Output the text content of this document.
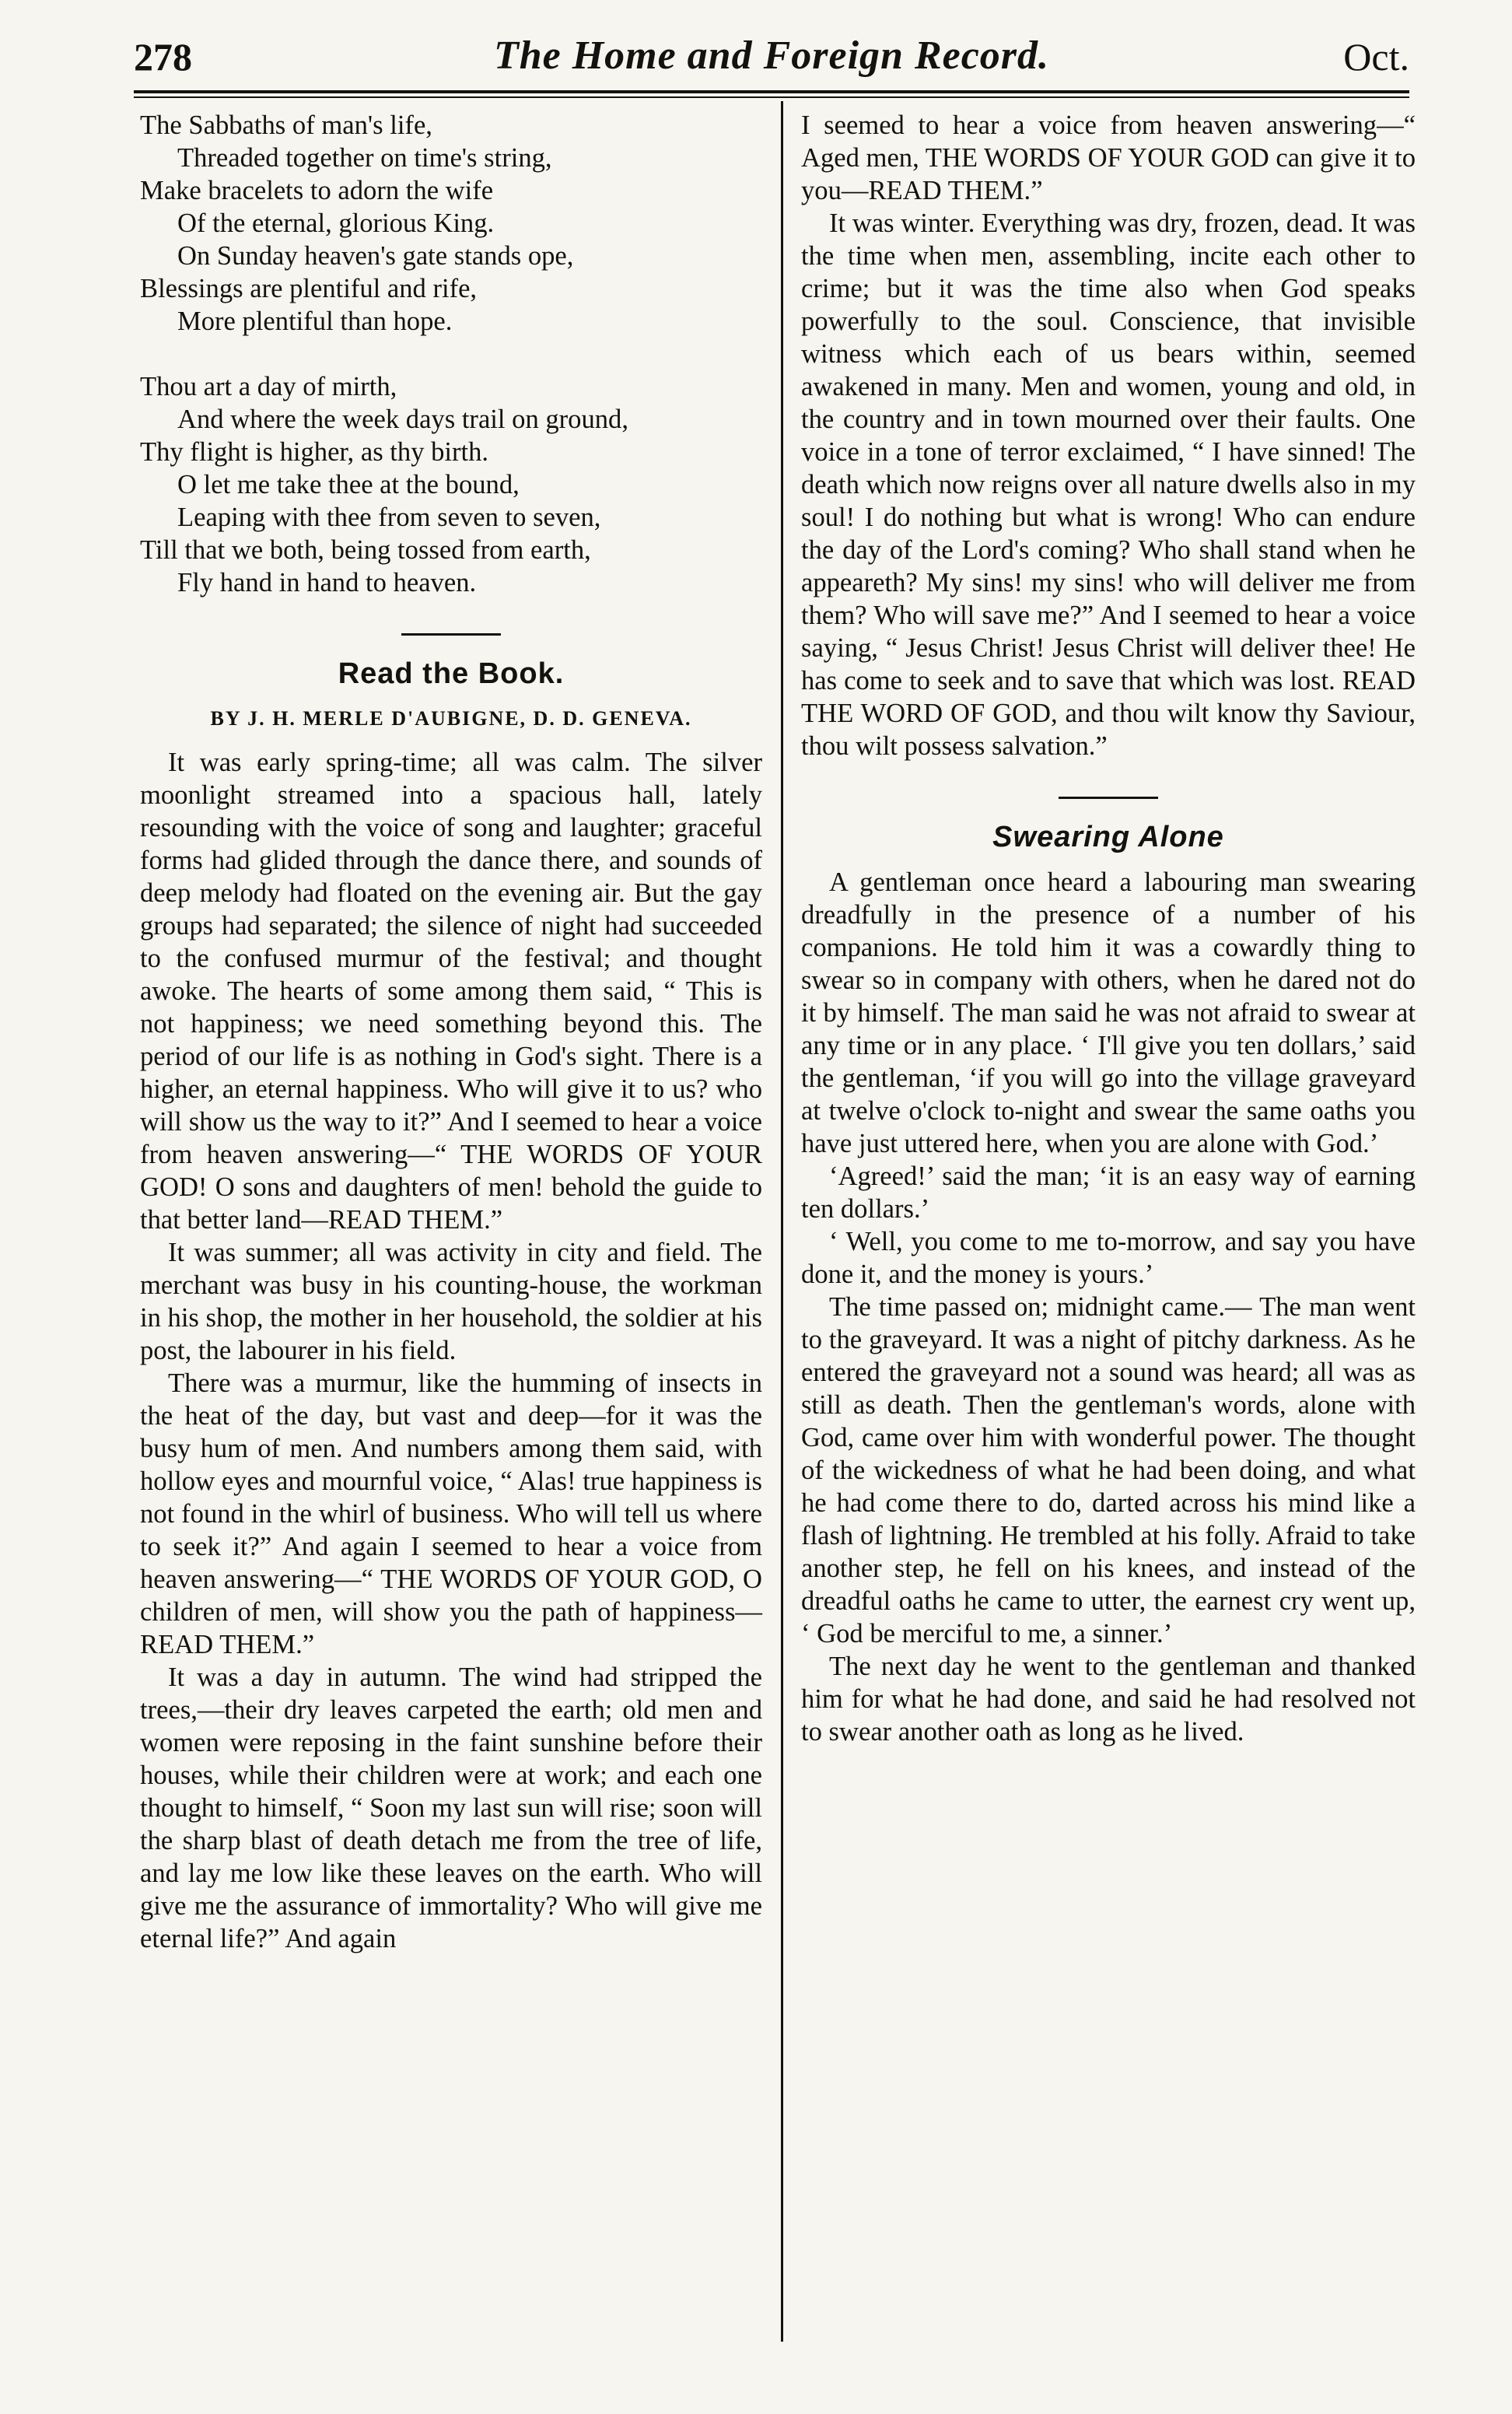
278	The Home and Foreign Record.	Oct.
The Sabbaths of man's life,
Threaded together on time's string,
Make bracelets to adorn the wife
Of the eternal, glorious King.
On Sunday heaven's gate stands ope,
Blessings are plentiful and rife,
More plentiful than hope.
Thou art a day of mirth,
And where the week days trail on ground,
Thy flight is higher, as thy birth.
O let me take thee at the bound,
Leaping with thee from seven to seven,
Till that we both, being tossed from earth,
Fly hand in hand to heaven.
Read the Book.
BY J. H. MERLE D'AUBIGNE, D. D. GENEVA.

It was early spring-time; all was calm. The silver moonlight streamed into a spacious hall, lately resounding with the voice of song and laughter; graceful forms had glided through the dance there, and sounds of deep melody had floated on the evening air. But the gay groups had separated; the silence of night had succeeded to the confused murmur of the festival; and thought awoke. The hearts of some among them said, “ This is not happiness; we need something beyond this. The period of our life is as nothing in God's sight. There is a higher, an eternal happiness. Who will give it to us? who will show us the way to it?” And I seemed to hear a voice from heaven answering—“ THE WORDS OF YOUR GOD! O sons and daughters of men! behold the guide to that better land—READ THEM.”

It was summer; all was activity in city and field. The merchant was busy in his counting-house, the workman in his shop, the mother in her household, the soldier at his post, the labourer in his field.

There was a murmur, like the humming of insects in the heat of the day, but vast and deep—for it was the busy hum of men. And numbers among them said, with hollow eyes and mournful voice, “ Alas! true happiness is not found in the whirl of business. Who will tell us where to seek it?” And again I seemed to hear a voice from heaven answering—“ THE WORDS OF YOUR GOD, O children of men, will show you the path of happiness—READ THEM.”

It was a day in autumn. The wind had stripped the trees,—their dry leaves carpeted the earth; old men and women were reposing in the faint sunshine before their houses, while their children were at work; and each one thought to himself, “ Soon my last sun will rise; soon will the sharp blast of death detach me from the tree of life, and lay me low like these leaves on the earth. Who will give me the assurance of immortality? Who will give me eternal life?” And again

I seemed to hear a voice from heaven answering—“ Aged men, THE WORDS OF YOUR GOD can give it to you—READ THEM.”

It was winter. Everything was dry, frozen, dead. It was the time when men, assembling, incite each other to crime; but it was the time also when God speaks powerfully to the soul. Conscience, that invisible witness which each of us bears within, seemed awakened in many. Men and women, young and old, in the country and in town mourned over their faults. One voice in a tone of terror exclaimed, “ I have sinned! The death which now reigns over all nature dwells also in my soul! I do nothing but what is wrong! Who can endure the day of the Lord's coming? Who shall stand when he appeareth? My sins! my sins! who will deliver me from them? Who will save me?” And I seemed to hear a voice saying, “ Jesus Christ! Jesus Christ will deliver thee! He has come to seek and to save that which was lost. READ THE WORD OF GOD, and thou wilt know thy Saviour, thou wilt possess salvation.”

Swearing Alone

A gentleman once heard a labouring man swearing dreadfully in the presence of a number of his companions. He told him it was a cowardly thing to swear so in company with others, when he dared not do it by himself. The man said he was not afraid to swear at any time or in any place. ‘ I'll give you ten dollars,’ said the gentleman, ‘if you will go into the village graveyard at twelve o'clock to-night and swear the same oaths you have just uttered here, when you are alone with God.’

‘Agreed!’ said the man; ‘it is an easy way of earning ten dollars.’

‘ Well, you come to me to-morrow, and say you have done it, and the money is yours.’

The time passed on; midnight came.— The man went to the graveyard. It was a night of pitchy darkness. As he entered the graveyard not a sound was heard; all was as still as death. Then the gentleman's words, alone with God, came over him with wonderful power. The thought of the wickedness of what he had been doing, and what he had come there to do, darted across his mind like a flash of lightning. He trembled at his folly. Afraid to take another step, he fell on his knees, and instead of the dreadful oaths he came to utter, the earnest cry went up, ‘ God be merciful to me, a sinner.’

The next day he went to the gentleman and thanked him for what he had done, and said he had resolved not to swear another oath as long as he lived.
